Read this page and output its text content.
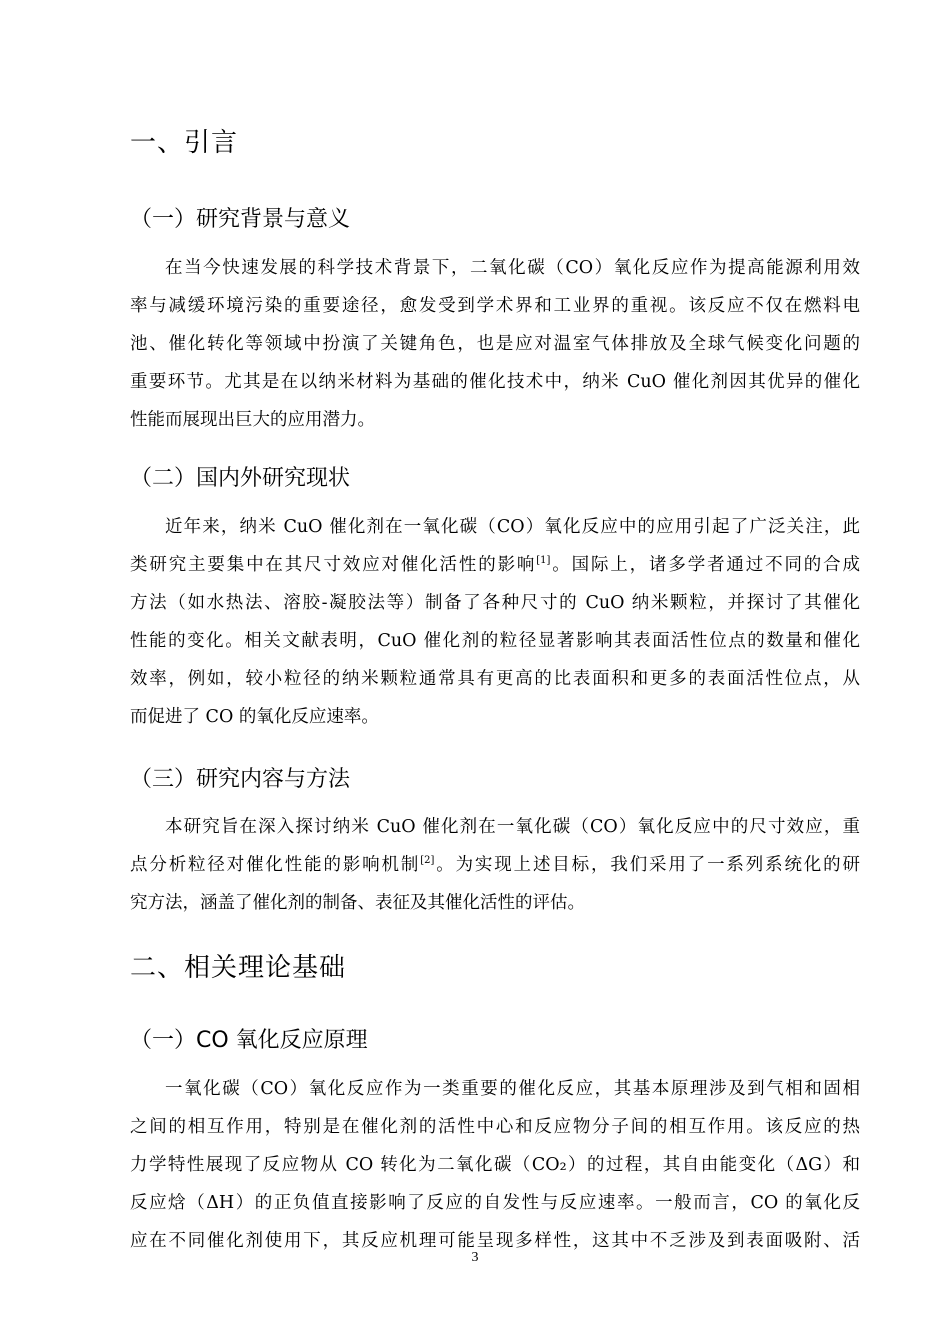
一、引言
（一）研究背景与意义
在当今快速发展的科学技术背景下，二氧化碳（CO）氧化反应作为提高能源利用效
率与减缓环境污染的重要途径，愈发受到学术界和工业界的重视。该反应不仅在燃料电
池、催化转化等领域中扮演了关键角色，也是应对温室气体排放及全球气候变化问题的
重要环节。尤其是在以纳米材料为基础的催化技术中，纳米 CuO 催化剂因其优异的催化
性能而展现出巨大的应用潜力。
（二）国内外研究现状
近年来，纳米 CuO 催化剂在一氧化碳（CO）氧化反应中的应用引起了广泛关注，此
类研究主要集中在其尺寸效应对催化活性的影响[1]。国际上，诸多学者通过不同的合成
方法（如水热法、溶胶-凝胶法等）制备了各种尺寸的 CuO 纳米颗粒，并探讨了其催化
性能的变化。相关文献表明，CuO 催化剂的粒径显著影响其表面活性位点的数量和催化
效率，例如，较小粒径的纳米颗粒通常具有更高的比表面积和更多的表面活性位点，从
而促进了 CO 的氧化反应速率。
（三）研究内容与方法
本研究旨在深入探讨纳米 CuO 催化剂在一氧化碳（CO）氧化反应中的尺寸效应，重
点分析粒径对催化性能的影响机制[2]。为实现上述目标，我们采用了一系列系统化的研
究方法，涵盖了催化剂的制备、表征及其催化活性的评估。
二、相关理论基础
（一）CO 氧化反应原理
一氧化碳（CO）氧化反应作为一类重要的催化反应，其基本原理涉及到气相和固相
之间的相互作用，特别是在催化剂的活性中心和反应物分子间的相互作用。该反应的热
力学特性展现了反应物从 CO 转化为二氧化碳（CO₂）的过程，其自由能变化（ΔG）和
反应焓（ΔH）的正负值直接影响了反应的自发性与反应速率。一般而言，CO 的氧化反
应在不同催化剂使用下，其反应机理可能呈现多样性，这其中不乏涉及到表面吸附、活
3
